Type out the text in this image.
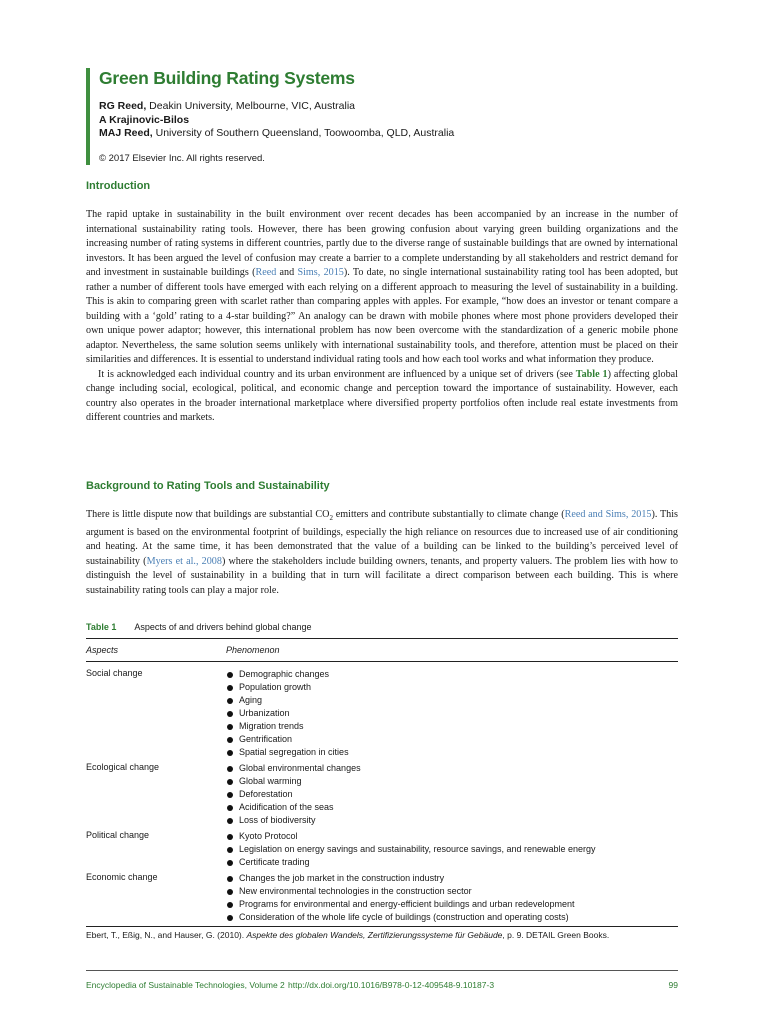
Green Building Rating Systems
RG Reed, Deakin University, Melbourne, VIC, Australia
A Krajinovic-Bilos
MAJ Reed, University of Southern Queensland, Toowoomba, QLD, Australia
© 2017 Elsevier Inc. All rights reserved.
Introduction

The rapid uptake in sustainability in the built environment over recent decades has been accompanied by an increase in the number of international sustainability rating tools. However, there has been growing confusion about varying green building organizations and the increasing number of rating systems in different countries, partly due to the diverse range of sustainable buildings that are owned by international investors. It has been argued the level of confusion may create a barrier to a complete understanding by all stakeholders and restrict demand for and investment in sustainable buildings (Reed and Sims, 2015). To date, no single international sustainability rating tool has been adopted, but rather a number of different tools have emerged with each relying on a different approach to measuring the level of sustainability in a building. This is akin to comparing green with scarlet rather than comparing apples with apples. For example, “how does an investor or tenant compare a building with a ‘gold’ rating to a 4-star building?” An analogy can be drawn with mobile phones where most phone providers developed their own unique power adaptor; however, this international problem has now been overcome with the standardization of a generic mobile phone adaptor. Nevertheless, the same solution seems unlikely with international sustainability tools, and therefore, attention must be placed on their similarities and differences. It is essential to understand individual rating tools and how each tool works and what information they produce.

It is acknowledged each individual country and its urban environment are influenced by a unique set of drivers (see Table 1) affecting global change including social, ecological, political, and economic change and perception toward the importance of sustainability. However, each country also operates in the broader international marketplace where diversified property portfolios often include real estate investments from different countries and markets.

Background to Rating Tools and Sustainability

There is little dispute now that buildings are substantial $CO_2$ emitters and contribute substantially to climate change (Reed and Sims, 2015). This argument is based on the environmental footprint of buildings, especially the high reliance on resources due to increased use of air conditioning and heating. At the same time, it has been demonstrated that the value of a building can be linked to the building’s perceived level of sustainability (Myers et al., 2008) where the stakeholders include building owners, tenants, and property valuers. The problem lies with how to distinguish the level of sustainability in a building that in turn will facilitate a direct comparison between each building. This is where sustainability rating tools can play a major role.

Table 1 Aspects of and drivers behind global change
Aspects	Phenomenon
Social change	Demographic changes
Population growth
Aging
Urbanization
Migration trends
Gentrification
Spatial segregation in cities
Ecological change	Global environmental changes
Global warming
Deforestation
Acidification of the seas
Loss of biodiversity
Political change	Kyoto Protocol
Legislation on energy savings and sustainability, resource savings, and renewable energy
Certificate trading
Economic change	Changes the job market in the construction industry
New environmental technologies in the construction sector
Programs for environmental and energy-efficient buildings and urban redevelopment
Consideration of the whole life cycle of buildings (construction and operating costs)
Ebert, T., Eßig, N., and Hauser, G. (2010). Aspekte des globalen Wandels, Zertifizierungssysteme für Gebäude, p. 9. DETAIL Green Books.
Encyclopedia of Sustainable Technologies, Volume 2 http://dx.doi.org/10.1016/B978-0-12-409548-9.10187-3	99
